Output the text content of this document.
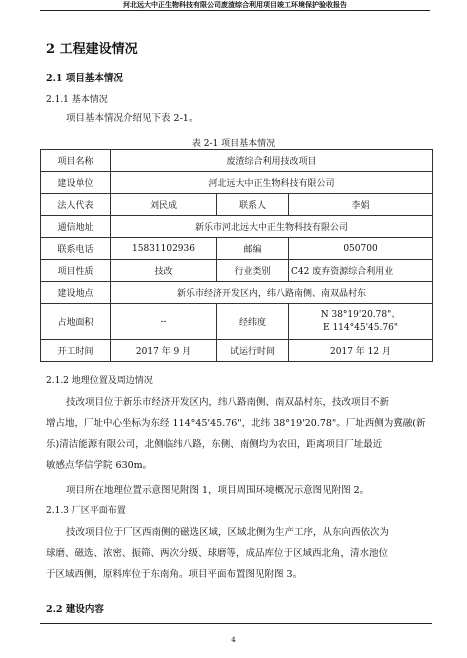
河北远大中正生物科技有限公司废渣综合利用项目竣工环境保护验收报告
2 工程建设情况
2.1 项目基本情况
2.1.1 基本情况
项目基本情况介绍见下表 2-1。
表 2-1 项目基本情况
项目名称	废渣综合利用技改项目		
建设单位	河北远大中正生物科技有限公司		
法人代表	刘民成	联系人	李娟
通信地址	新乐市河北远大中正生物科技有限公司		
联系电话	15831102936	邮编	050700
项目性质	技改	行业类别	C42 废弃资源综合利用业
建设地点	新乐市经济开发区内，纬八路南侧、南双晶村东		
占地面积	--	经纬度	N 38°19'20.78"、
E 114°45'45.76"

开工时间	2017 年 9 月	试运行时间	2017 年 12 月
2.1.2 地理位置及周边情况
技改项目位于新乐市经济开发区内，纬八路南侧、南双晶村东，技改项目不新
增占地，厂址中心坐标为东经 114°45'45.76"，北纬 38°19'20.78"。厂址西侧为冀融(新
乐)清洁能源有限公司，北侧临纬八路，东侧、南侧均为农田，距离项目厂址最近
敏感点华信学院 630m。
项目所在地理位置示意图见附图 1，项目周围环境概况示意图见附图 2。
2.1.3 厂区平面布置
技改项目位于厂区西南侧的磁选区域，区域北侧为生产工序，从东向西依次为
球磨、磁选、浓密、振筛、两次分级、球磨等，成品库位于区域西北角，清水池位
于区域西侧，原料库位于东南角。项目平面布置图见附图 3。
2.2 建设内容
4
